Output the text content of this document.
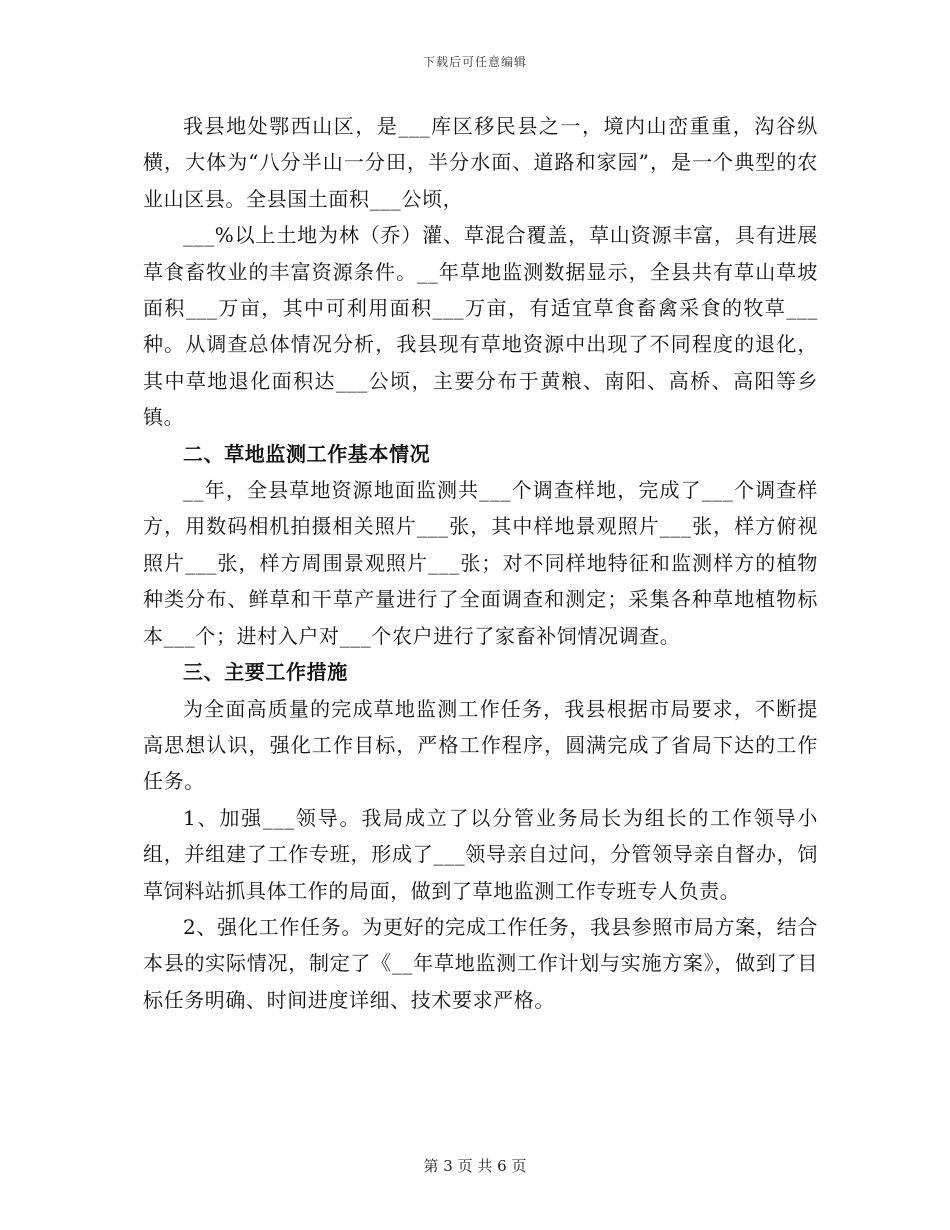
下载后可任意编辑

我县地处鄂西山区，是___库区移民县之一，境内山峦重重，沟谷纵横，大体为“八分半山一分田，半分水面、道路和家园”，是一个典型的农业山区县。全县国土面积___公顷，

___%以上土地为林（乔）灌、草混合覆盖，草山资源丰富，具有进展草食畜牧业的丰富资源条件。__年草地监测数据显示，全县共有草山草坡面积___万亩，其中可利用面积___万亩，有适宜草食畜禽采食的牧草___种。从调查总体情况分析，我县现有草地资源中出现了不同程度的退化，其中草地退化面积达___公顷，主要分布于黄粮、南阳、高桥、高阳等乡镇。

二、草地监测工作基本情况

__年，全县草地资源地面监测共___个调查样地，完成了___个调查样方，用数码相机拍摄相关照片___张，其中样地景观照片___张，样方俯视照片___张，样方周围景观照片___张；对不同样地特征和监测样方的植物种类分布、鲜草和干草产量进行了全面调查和测定；采集各种草地植物标本___个；进村入户对___个农户进行了家畜补饲情况调查。

三、主要工作措施

为全面高质量的完成草地监测工作任务，我县根据市局要求，不断提高思想认识，强化工作目标，严格工作程序，圆满完成了省局下达的工作任务。

1、加强___领导。我局成立了以分管业务局长为组长的工作领导小组，并组建了工作专班，形成了___领导亲自过问，分管领导亲自督办，饲草饲料站抓具体工作的局面，做到了草地监测工作专班专人负责。

2、强化工作任务。为更好的完成工作任务，我县参照市局方案，结合本县的实际情况，制定了《__年草地监测工作计划与实施方案》，做到了目标任务明确、时间进度详细、技术要求严格。

第 3 页 共 6 页
